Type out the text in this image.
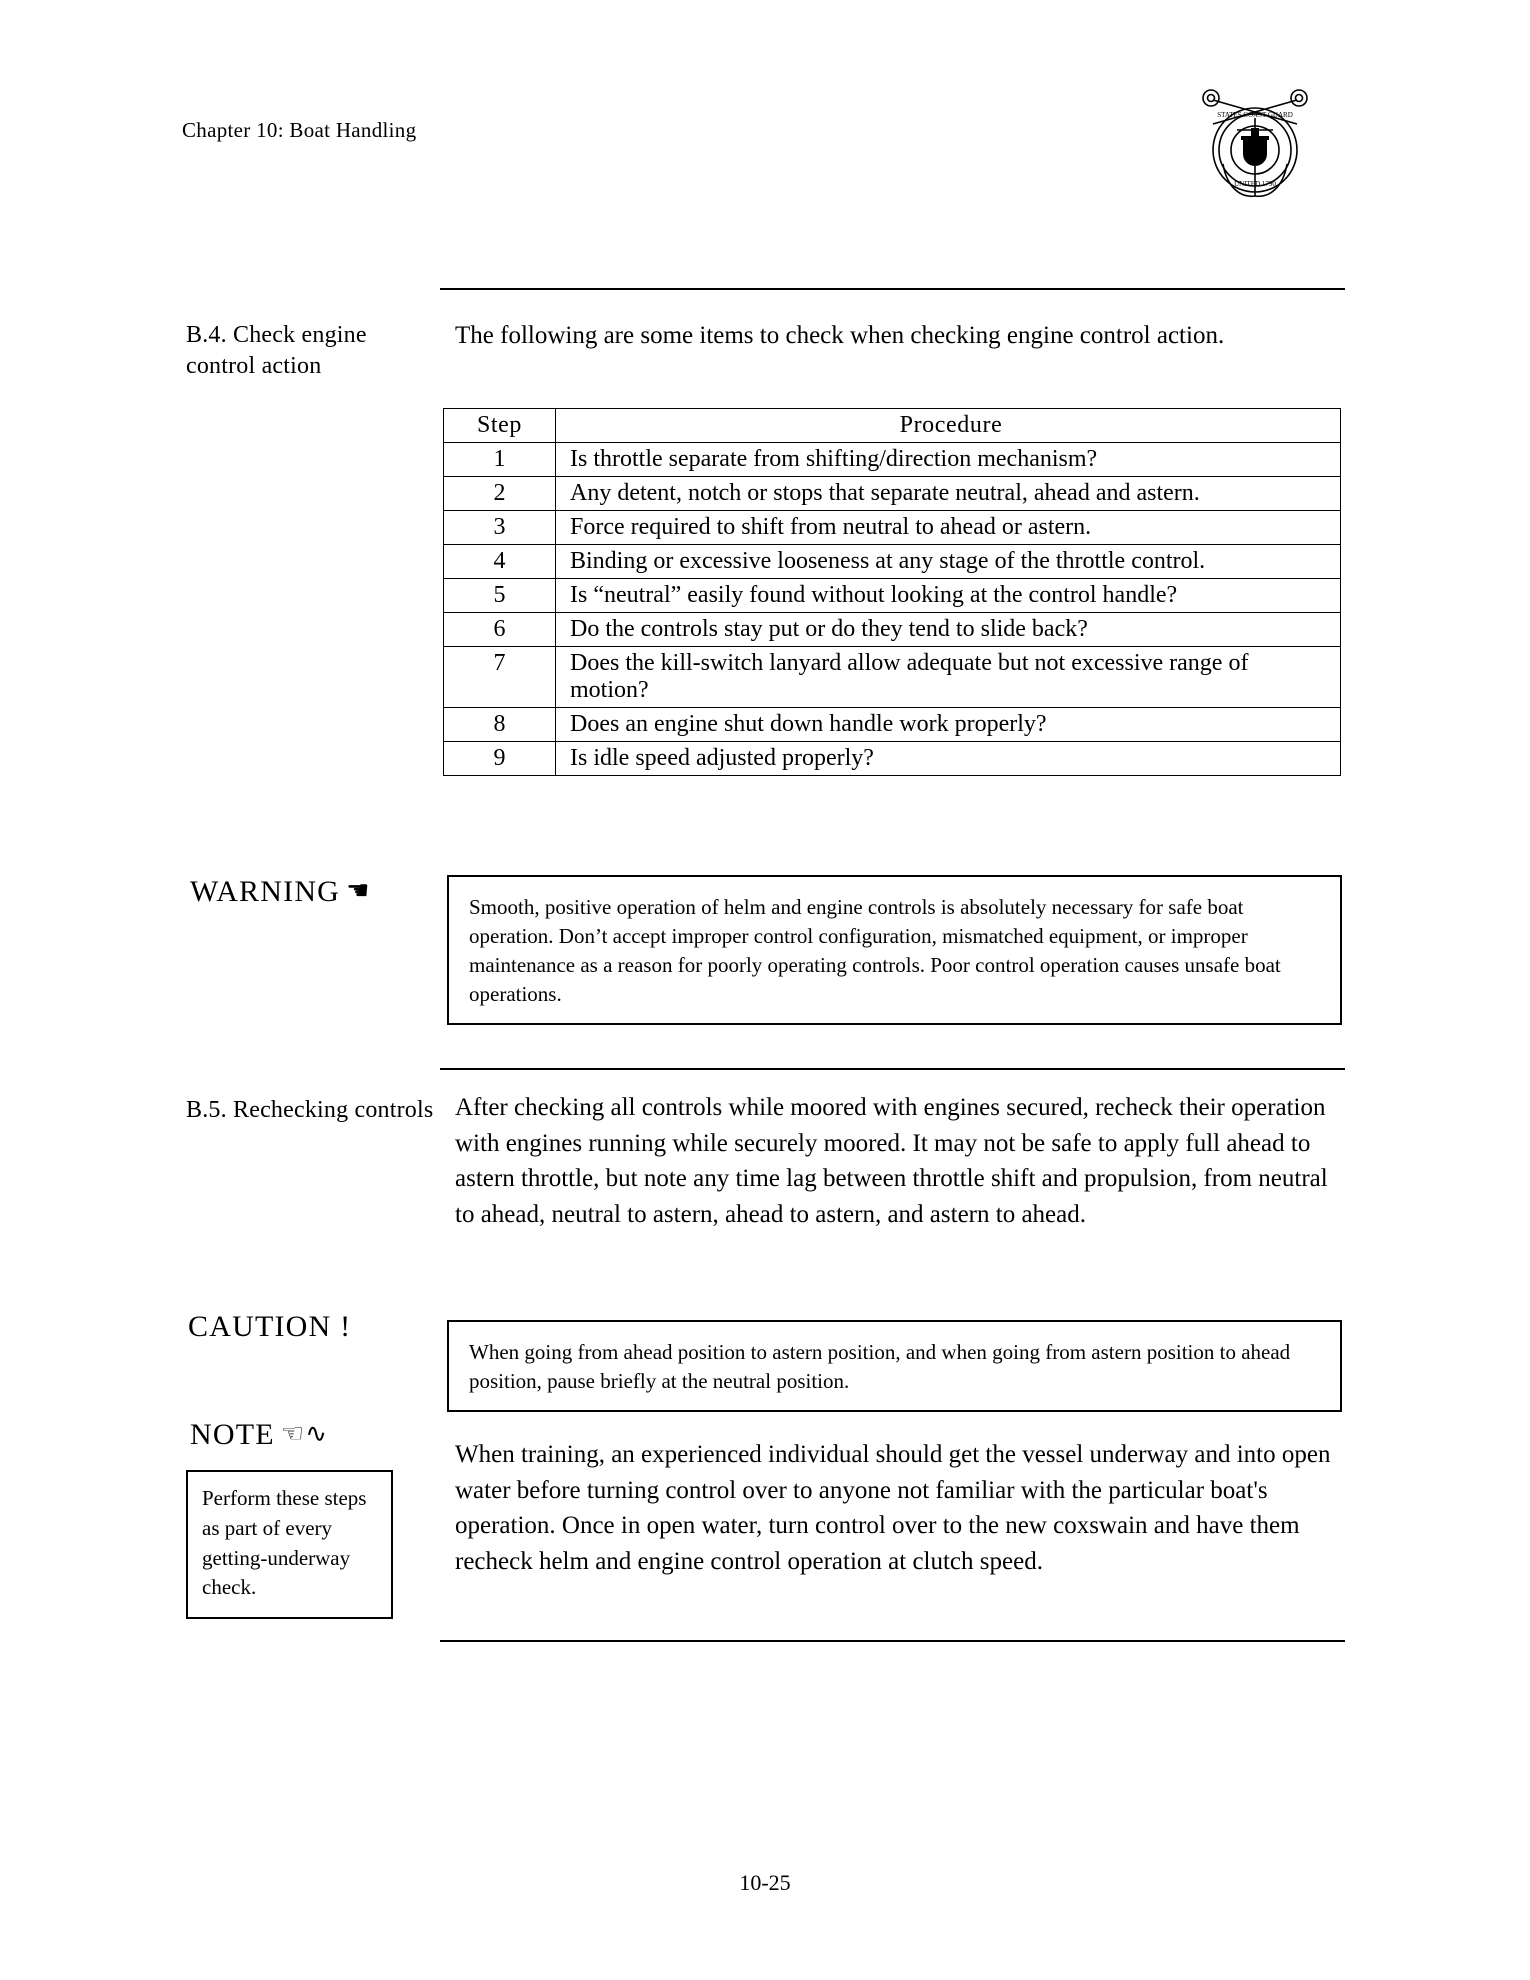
Chapter 10: Boat Handling
STATES COAST GUARD
UNITED 1790
B.4. Check engine control action
The following are some items to check when checking engine control action.
Step	Procedure
1	Is throttle separate from shifting/direction mechanism?
2	Any detent, notch or stops that separate neutral, ahead and astern.
3	Force required to shift from neutral to ahead or astern.
4	Binding or excessive looseness at any stage of the throttle control.
5	Is “neutral” easily found without looking at the control handle?
6	Do the controls stay put or do they tend to slide back?
7	Does the kill-switch lanyard allow adequate but not excessive range of motion?
8	Does an engine shut down handle work properly?
9	Is idle speed adjusted properly?
WARNING ☚
Smooth, positive operation of helm and engine controls is absolutely necessary for safe boat operation. Don’t accept improper control configuration, mismatched equipment, or improper maintenance as a reason for poorly operating controls. Poor control operation causes unsafe boat operations.
B.5. Rechecking controls After checking all controls while moored with engines secured, recheck their operation with engines running while securely moored. It may not be safe to apply full ahead to astern throttle, but note any time lag between throttle shift and propulsion, from neutral to ahead, neutral to astern, ahead to astern, and astern to ahead.
CAUTION !
When going from ahead position to astern position, and when going from astern position to ahead position, pause briefly at the neutral position.
NOTE ☜∿
Perform these steps as part of every getting-underway check.
When training, an experienced individual should get the vessel underway and into open water before turning control over to anyone not familiar with the particular boat's operation. Once in open water, turn control over to the new coxswain and have them recheck helm and engine control operation at clutch speed.
10-25
